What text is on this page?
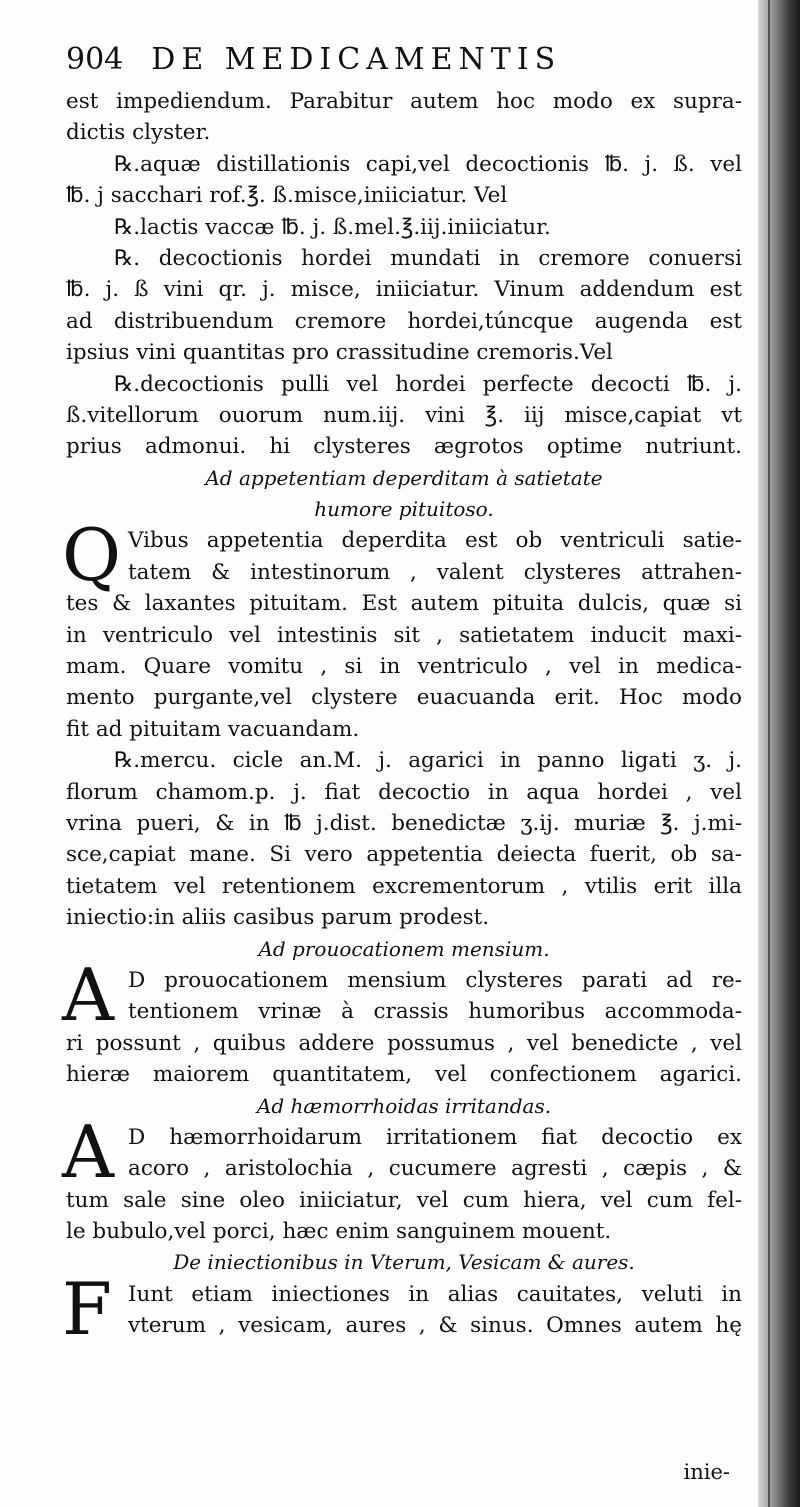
904 DE MEDICAMENTIS
est impediendum. Parabitur autem hoc modo ex supra-
dictis clyster.
℞.aquæ distillationis capi,vel decoctionis ℔. j. ß. vel
℔. j sacchari rof.℥. ß.misce,iniiciatur. Vel
℞.lactis vaccæ ℔. j. ß.mel.℥.iij.iniiciatur.
℞. decoctionis hordei mundati in cremore conuersi
℔. j. ß vini qr. j. misce, iniiciatur. Vinum addendum est
ad distribuendum cremore hordei,túncque augenda est
ipsius vini quantitas pro crassitudine cremoris.Vel
℞.decoctionis pulli vel hordei perfecte decocti ℔. j.
ß.vitellorum ouorum num.iij. vini ℥. iij misce,capiat vt
prius admonui. hi clysteres ægrotos optime nutriunt.
Ad appetentiam deperditam à satietate
humore pituitoso.
Q Vibus appetentia deperdita est ob ventriculi satie-
tatem & intestinorum , valent clysteres attrahen-
tes & laxantes pituitam. Est autem pituita dulcis, quæ si
in ventriculo vel intestinis sit , satietatem inducit maxi-
mam. Quare vomitu , si in ventriculo , vel in medica-
mento purgante,vel clystere euacuanda erit. Hoc modo
fit ad pituitam vacuandam.
℞.mercu. cicle an.M. j. agarici in panno ligati ʒ. j.
florum chamom.p. j. fiat decoctio in aqua hordei , vel
vrina pueri, & in ℔ j.dist. benedictæ ʒ.ij. muriæ ℥. j.mi-
sce,capiat mane. Si vero appetentia deiecta fuerit, ob sa-
tietatem vel retentionem excrementorum , vtilis erit illa
iniectio:in aliis casibus parum prodest.
Ad prouocationem mensium.
A D prouocationem mensium clysteres parati ad re-
tentionem vrinæ à crassis humoribus accommoda-
ri possunt , quibus addere possumus , vel benedicte , vel
hieræ maiorem quantitatem, vel confectionem agarici.
Ad hæmorrhoidas irritandas.
A D hæmorrhoidarum irritationem fiat decoctio ex
acoro , aristolochia , cucumere agresti , cæpis , &
tum sale sine oleo iniiciatur, vel cum hiera, vel cum fel-
le bubulo,vel porci, hæc enim sanguinem mouent.
De iniectionibus in Vterum, Vesicam & aures.
F Iunt etiam iniectiones in alias cauitates, veluti in
vterum , vesicam, aures , & sinus. Omnes autem hę
inie-
